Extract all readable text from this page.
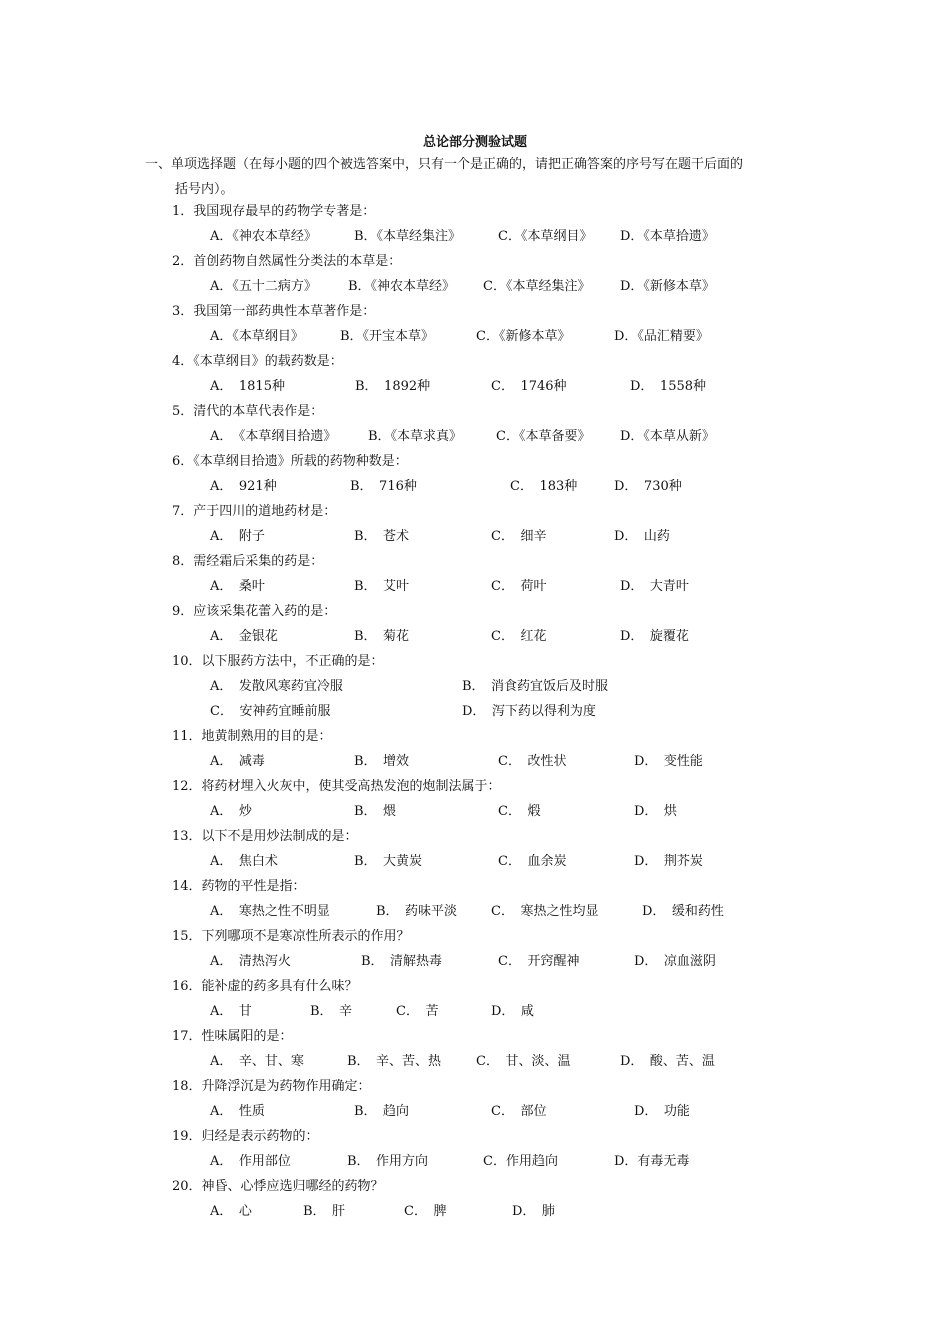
总论部分测验试题
一、单项选择题（在每小题的四个被选答案中，只有一个是正确的，请把正确答案的序号写在题干后面的
括号内）。
1．我国现存最早的药物学专著是：
A．《神农本草经》	B．《本草经集注》	C．《本草纲目》 D．《本草拾遗》
2．首创药物自然属性分类法的本草是：
A．《五十二病方》 B．《神农本草经》 C．《本草经集注》 D．《新修本草》
3．我国第一部药典性本草著作是：
A．《本草纲目》	B．《开宝本草》	C．《新修本草》	D．《品汇精要》
4．《本草纲目》的载药数是：
A．　1815种	B．　1892种	C．　1746种	D．　1558种
5．清代的本草代表作是：
A．　《本草纲目拾遗》 B．《本草求真》	C．《本草备要》 D．《本草从新》
6．《本草纲目拾遗》所载的药物种数是：
A．　921种	B．　716种	C．　183种	D．　730种
7．产于四川的道地药材是：
A．　附子	B．　苍术	C．　细辛	D．　山药
8．需经霜后采集的药是：
A．　桑叶	B．　艾叶	C．　荷叶	D．　大青叶
9．应该采集花蕾入药的是：
A．　金银花	B．　菊花	C．　红花	D．　旋覆花
10．以下服药方法中，不正确的是：
A．　发散风寒药宜冷服	B．　消食药宜饭后及时服
C．　安神药宜睡前服	D．　泻下药以得利为度
11．地黄制熟用的目的是：
A．　减毒	B．　增效	C．　改性状	D．　变性能
12．将药材埋入火灰中，使其受高热发泡的炮制法属于：
A．　炒	B．　煨	C．　煅	D．　烘
13．以下不是用炒法制成的是：
A．　焦白术	B．　大黄炭	C．　血余炭	D．　荆芥炭
14．药物的平性是指：
A．　寒热之性不明显	B．　药味平淡	C．　寒热之性均显	D．　缓和药性
15．下列哪项不是寒凉性所表示的作用？
A．　清热泻火	B．　清解热毒	C．　开窍醒神	D．　凉血滋阴
16．能补虚的药多具有什么味？
A．　甘	B．　辛	C．　苦	D．　咸
17．性味属阳的是：
A．　辛、甘、寒	B．　辛、苦、热	C．　甘、淡、温	D．　酸、苦、温
18．升降浮沉是为药物作用确定：
A．　性质	B．　趋向	C．　部位	D．　功能
19．归经是表示药物的：
A．　作用部位	B．　作用方向	C．作用趋向	D．有毒无毒
20．神昏、心悸应选归哪经的药物？
A．　心	B．　肝	C．　脾	D．　肺
